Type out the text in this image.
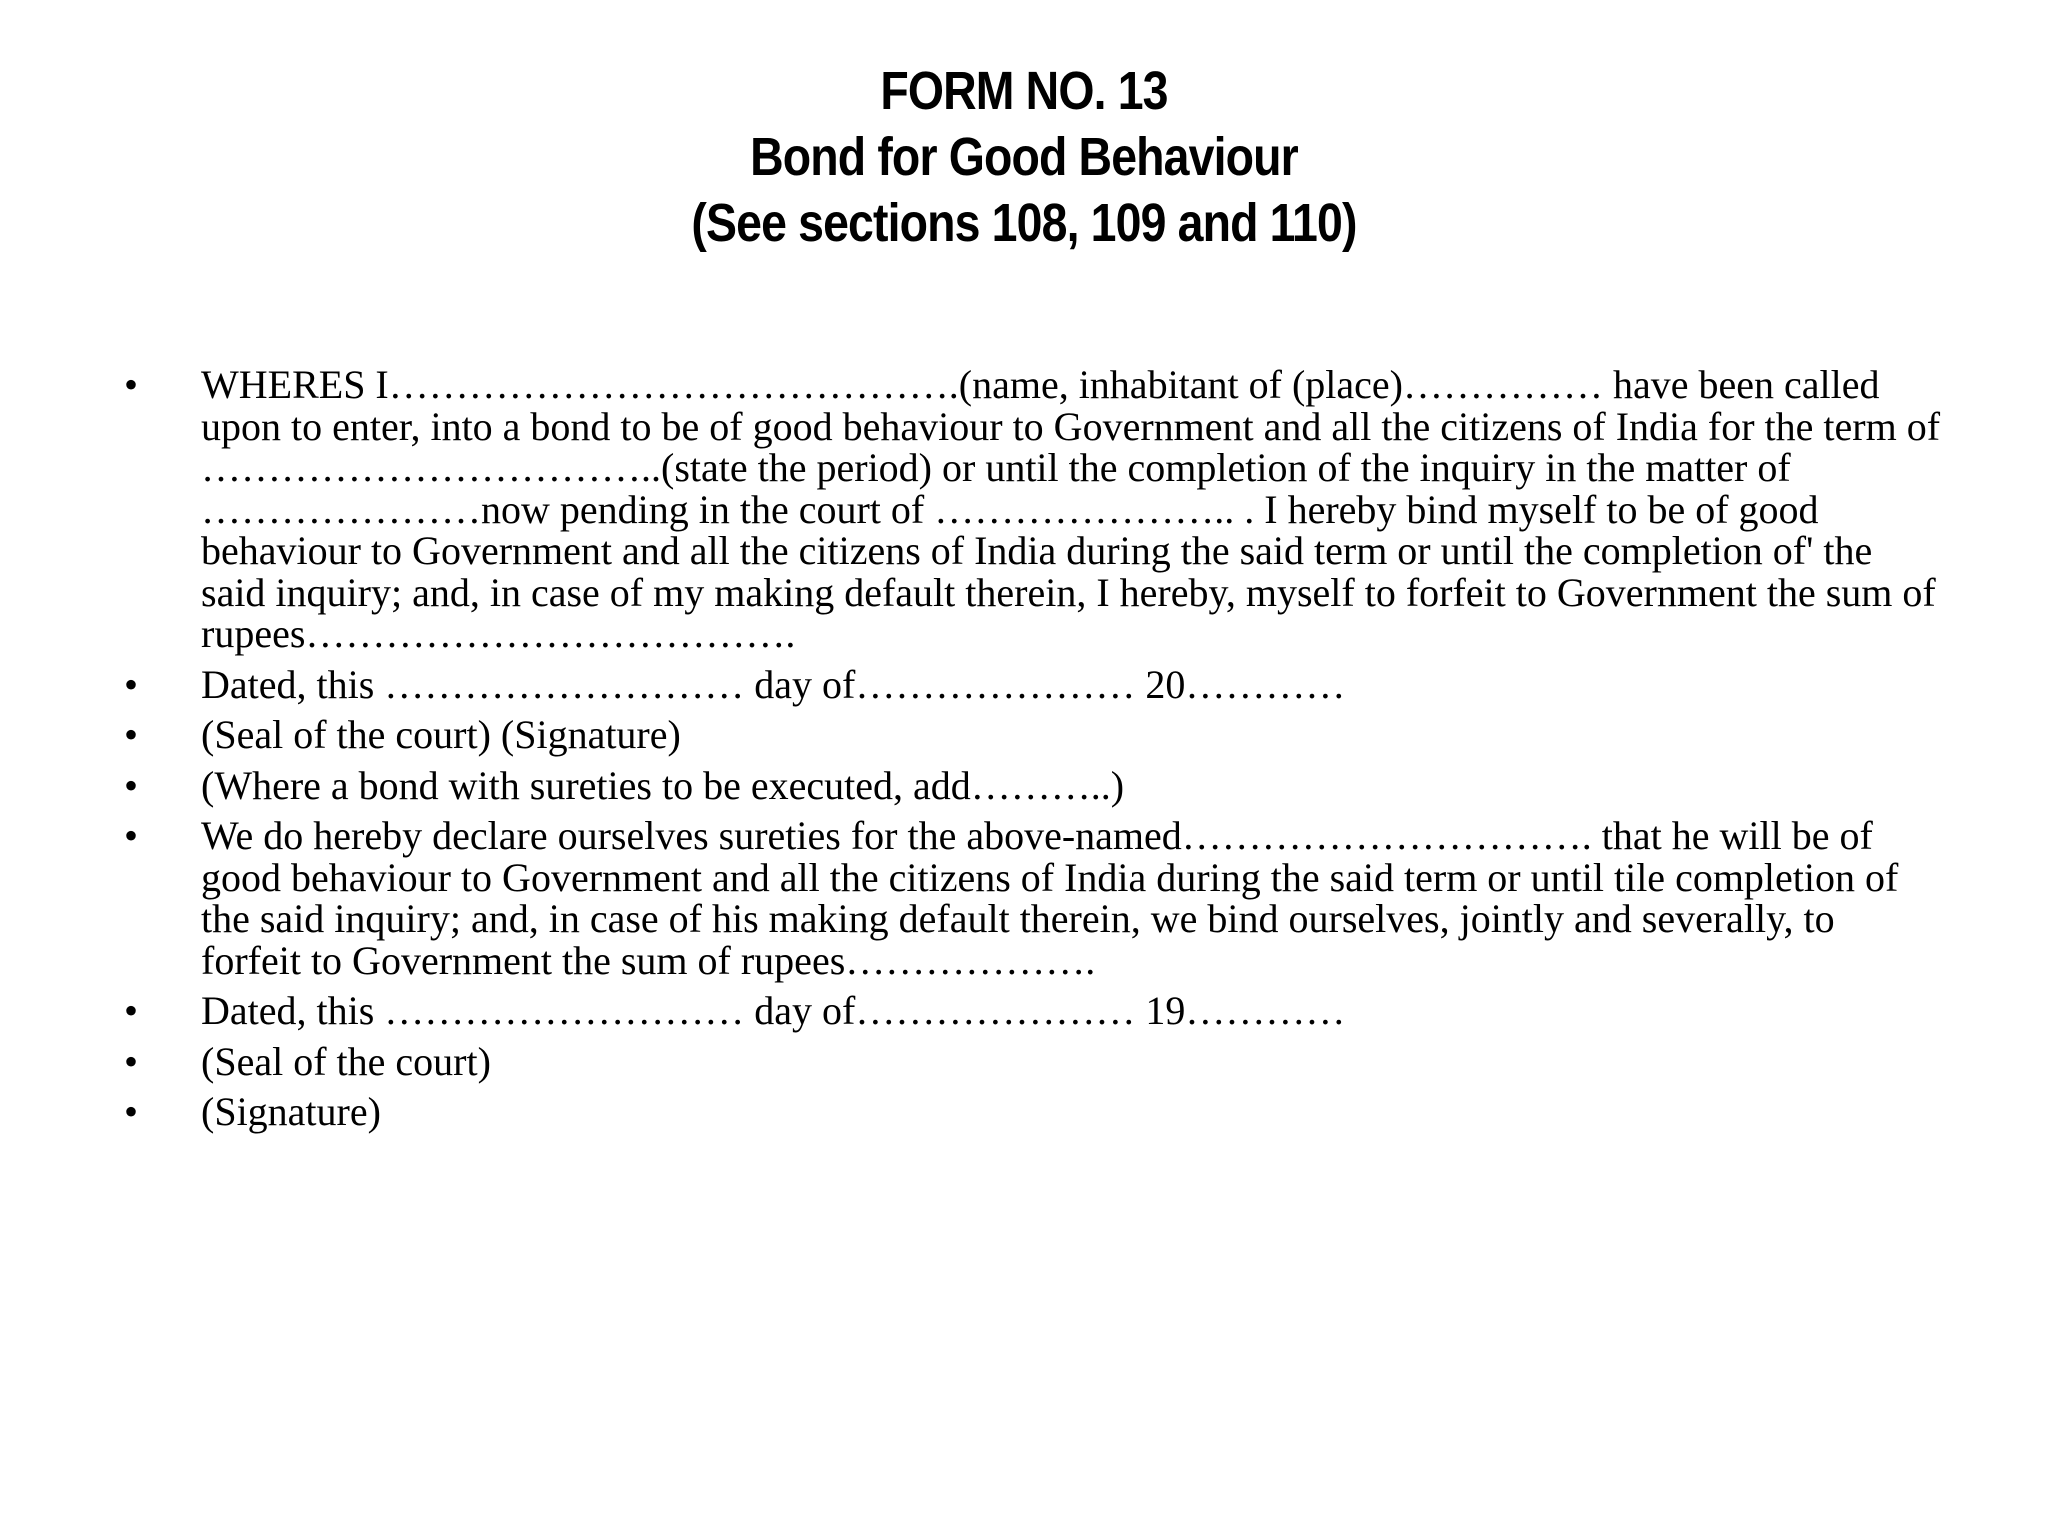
FORM NO. 13
Bond for Good Behaviour
(See sections 108, 109 and 110)
• WHERES I…………………………………….(name, inhabitant of (place)…………… have been called upon to enter, into a bond to be of good behaviour to Government and all the citizens of India for the term of ……………………………..(state the period) or until the completion of the inquiry in the matter of …………………now pending in the court of ………………….. . I hereby bind myself to be of good behaviour to Government and all the citizens of India during the said term or until the completion of' the said inquiry; and, in case of my making default therein, I hereby, myself to forfeit to Government the sum of rupees……………………………….
• Dated, this ……………………… day of………………… 20…………
• (Seal of the court) (Signature)
• (Where a bond with sureties to be executed, add………..)
• We do hereby declare ourselves sureties for the above-named…………………………. that he will be of good behaviour to Government and all the citizens of India during the said term or until tile completion of the said inquiry; and, in case of his making default therein, we bind ourselves, jointly and severally, to forfeit to Government the sum of rupees……………….
• Dated, this ……………………… day of………………… 19…………
• (Seal of the court)
• (Signature)
